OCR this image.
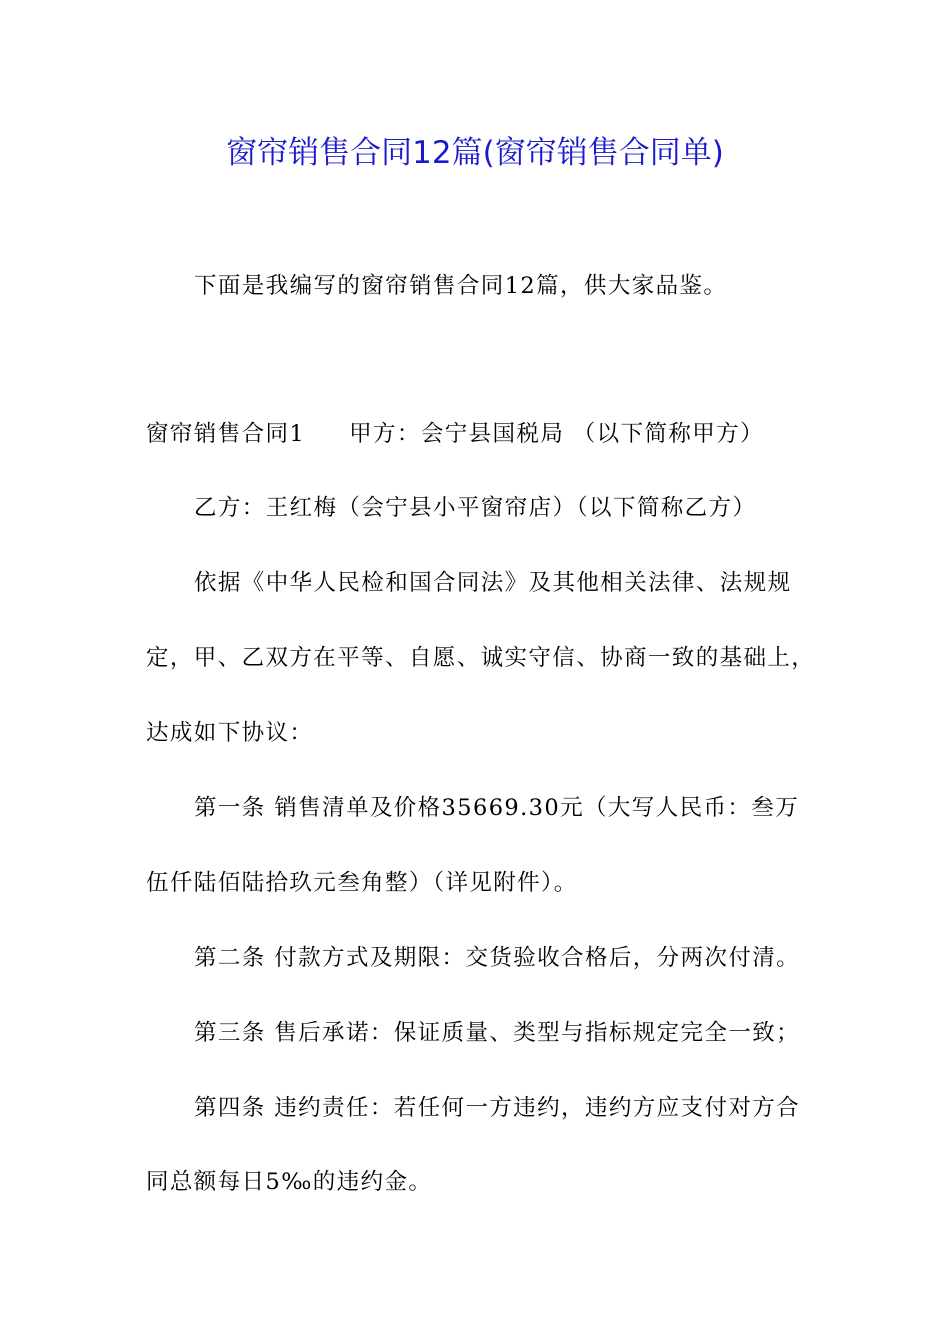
窗帘销售合同12篇(窗帘销售合同单)
下面是我编写的窗帘销售合同12篇，供大家品鉴。
窗帘销售合同1 甲方：会宁县国税局 （以下简称甲方）
乙方：王红梅（会宁县小平窗帘店）（以下简称乙方）
依据《中华人民检和国合同法》及其他相关法律、法规规
定，甲、乙双方在平等、自愿、诚实守信、协商一致的基础上，
达成如下协议：
第一条 销售清单及价格35669.30元（大写人民币：叁万
伍仟陆佰陆拾玖元叁角整）（详见附件）。
第二条 付款方式及期限：交货验收合格后，分两次付清。
第三条 售后承诺：保证质量、类型与指标规定完全一致；
第四条 违约责任：若任何一方违约，违约方应支付对方合
同总额每日5‰的违约金。
